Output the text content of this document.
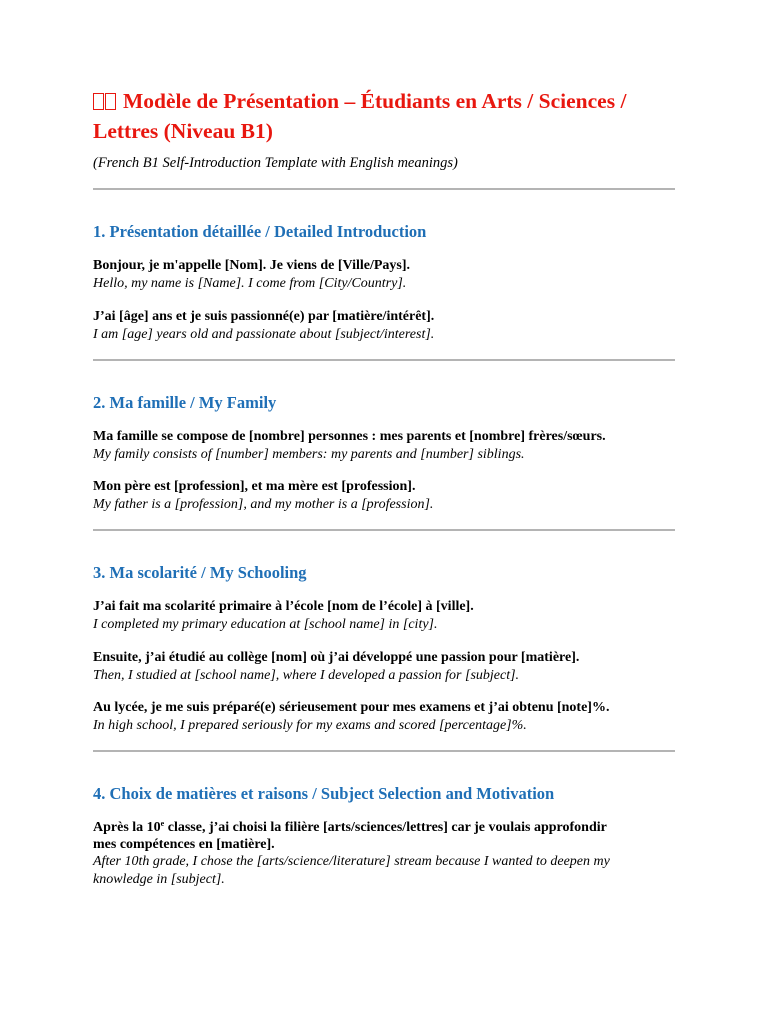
Modèle de Présentation – Étudiants en Arts / Sciences /
Lettres (Niveau B1)

(French B1 Self-Introduction Template with English meanings)

1. Présentation détaillée / Detailed Introduction

Bonjour, je m'appelle [Nom]. Je viens de [Ville/Pays].

Hello, my name is [Name]. I come from [City/Country].

J’ai [âge] ans et je suis passionné(e) par [matière/intérêt].

I am [age] years old and passionate about [subject/interest].

2. Ma famille / My Family

Ma famille se compose de [nombre] personnes : mes parents et [nombre] frères/sœurs.

My family consists of [number] members: my parents and [number] siblings.

Mon père est [profession], et ma mère est [profession].

My father is a [profession], and my mother is a [profession].

3. Ma scolarité / My Schooling

J’ai fait ma scolarité primaire à l’école [nom de l’école] à [ville].

I completed my primary education at [school name] in [city].

Ensuite, j’ai étudié au collège [nom] où j’ai développé une passion pour [matière].

Then, I studied at [school name], where I developed a passion for [subject].

Au lycée, je me suis préparé(e) sérieusement pour mes examens et j’ai obtenu [note]%.

In high school, I prepared seriously for my exams and scored [percentage]%.

4. Choix de matières et raisons / Subject Selection and Motivation

Après la 10e classe, j’ai choisi la filière [arts/sciences/lettres] car je voulais approfondir
mes compétences en [matière].

After 10th grade, I chose the [arts/science/literature] stream because I wanted to deepen my
knowledge in [subject].
